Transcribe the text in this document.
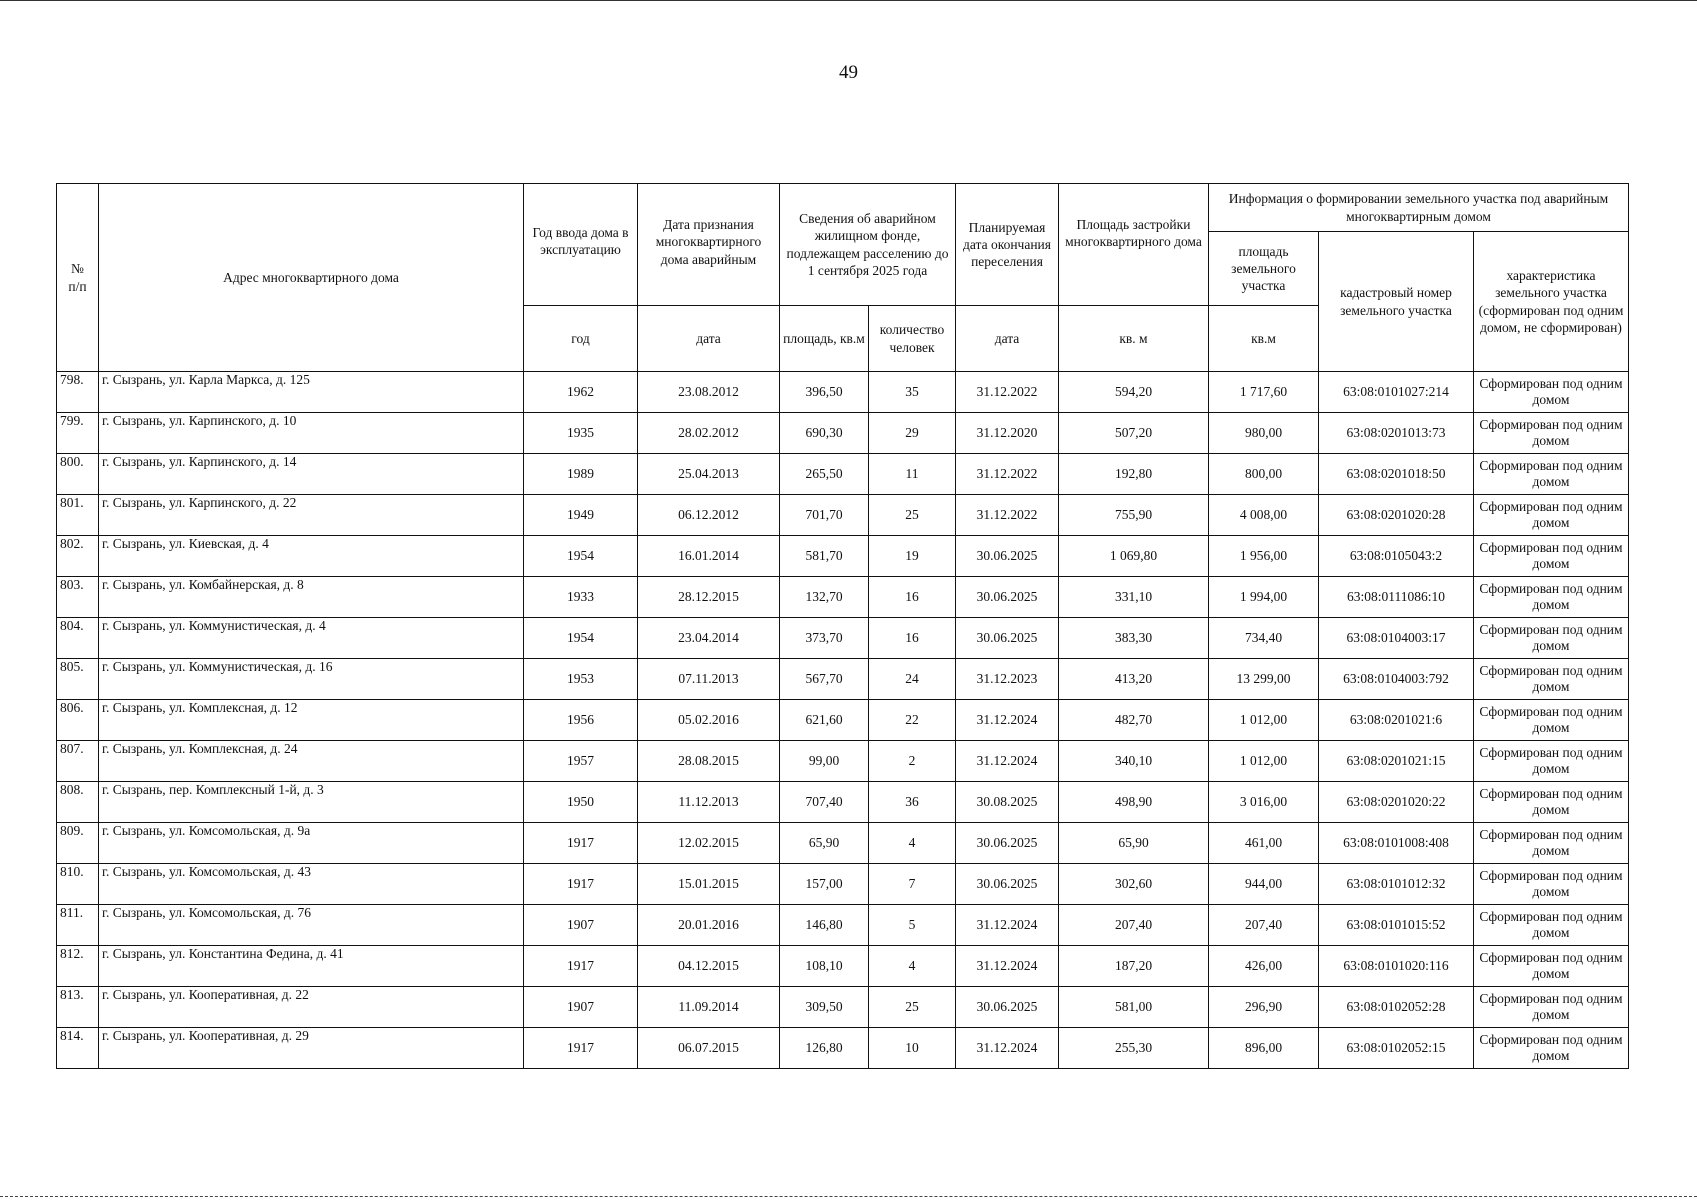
49
№
п/п	Адрес многоквартирного дома	Год ввода дома в эксплуатацию	Дата признания многоквартирного дома аварийным	Сведения об аварийном жилищном фонде, подлежащем расселению до 1 сентября 2025 года		Планируемая дата окончания переселения	Площадь застройки многоквартирного дома	Информация о формировании земельного участка под аварийным многоквартирным домом		
								площадь земельного участка	кадастровый номер земельного участка	характеристика земельного участка (сформирован под одним домом, не сформирован)
		год	дата	площадь, кв.м	количество человек	дата	кв. м	кв.м		
798.	г. Сызрань, ул. Карла Маркса, д. 125	1962	23.08.2012	396,50	35	31.12.2022	594,20	1 717,60	63:08:0101027:214	Сформирован под одним домом
799.	г. Сызрань, ул. Карпинского, д. 10	1935	28.02.2012	690,30	29	31.12.2020	507,20	980,00	63:08:0201013:73	Сформирован под одним домом
800.	г. Сызрань, ул. Карпинского, д. 14	1989	25.04.2013	265,50	11	31.12.2022	192,80	800,00	63:08:0201018:50	Сформирован под одним домом
801.	г. Сызрань, ул. Карпинского, д. 22	1949	06.12.2012	701,70	25	31.12.2022	755,90	4 008,00	63:08:0201020:28	Сформирован под одним домом
802.	г. Сызрань, ул. Киевская, д. 4	1954	16.01.2014	581,70	19	30.06.2025	1 069,80	1 956,00	63:08:0105043:2	Сформирован под одним домом
803.	г. Сызрань, ул. Комбайнерская, д. 8	1933	28.12.2015	132,70	16	30.06.2025	331,10	1 994,00	63:08:0111086:10	Сформирован под одним домом
804.	г. Сызрань, ул. Коммунистическая, д. 4	1954	23.04.2014	373,70	16	30.06.2025	383,30	734,40	63:08:0104003:17	Сформирован под одним домом
805.	г. Сызрань, ул. Коммунистическая, д. 16	1953	07.11.2013	567,70	24	31.12.2023	413,20	13 299,00	63:08:0104003:792	Сформирован под одним домом
806.	г. Сызрань, ул. Комплексная, д. 12	1956	05.02.2016	621,60	22	31.12.2024	482,70	1 012,00	63:08:0201021:6	Сформирован под одним домом
807.	г. Сызрань, ул. Комплексная, д. 24	1957	28.08.2015	99,00	2	31.12.2024	340,10	1 012,00	63:08:0201021:15	Сформирован под одним домом
808.	г. Сызрань, пер. Комплексный 1-й, д. 3	1950	11.12.2013	707,40	36	30.08.2025	498,90	3 016,00	63:08:0201020:22	Сформирован под одним домом
809.	г. Сызрань, ул. Комсомольская, д. 9а	1917	12.02.2015	65,90	4	30.06.2025	65,90	461,00	63:08:0101008:408	Сформирован под одним домом
810.	г. Сызрань, ул. Комсомольская, д. 43	1917	15.01.2015	157,00	7	30.06.2025	302,60	944,00	63:08:0101012:32	Сформирован под одним домом
811.	г. Сызрань, ул. Комсомольская, д. 76	1907	20.01.2016	146,80	5	31.12.2024	207,40	207,40	63:08:0101015:52	Сформирован под одним домом
812.	г. Сызрань, ул. Константина Федина, д. 41	1917	04.12.2015	108,10	4	31.12.2024	187,20	426,00	63:08:0101020:116	Сформирован под одним домом
813.	г. Сызрань, ул. Кооперативная, д. 22	1907	11.09.2014	309,50	25	30.06.2025	581,00	296,90	63:08:0102052:28	Сформирован под одним домом
814.	г. Сызрань, ул. Кооперативная, д. 29	1917	06.07.2015	126,80	10	31.12.2024	255,30	896,00	63:08:0102052:15	Сформирован под одним домом
